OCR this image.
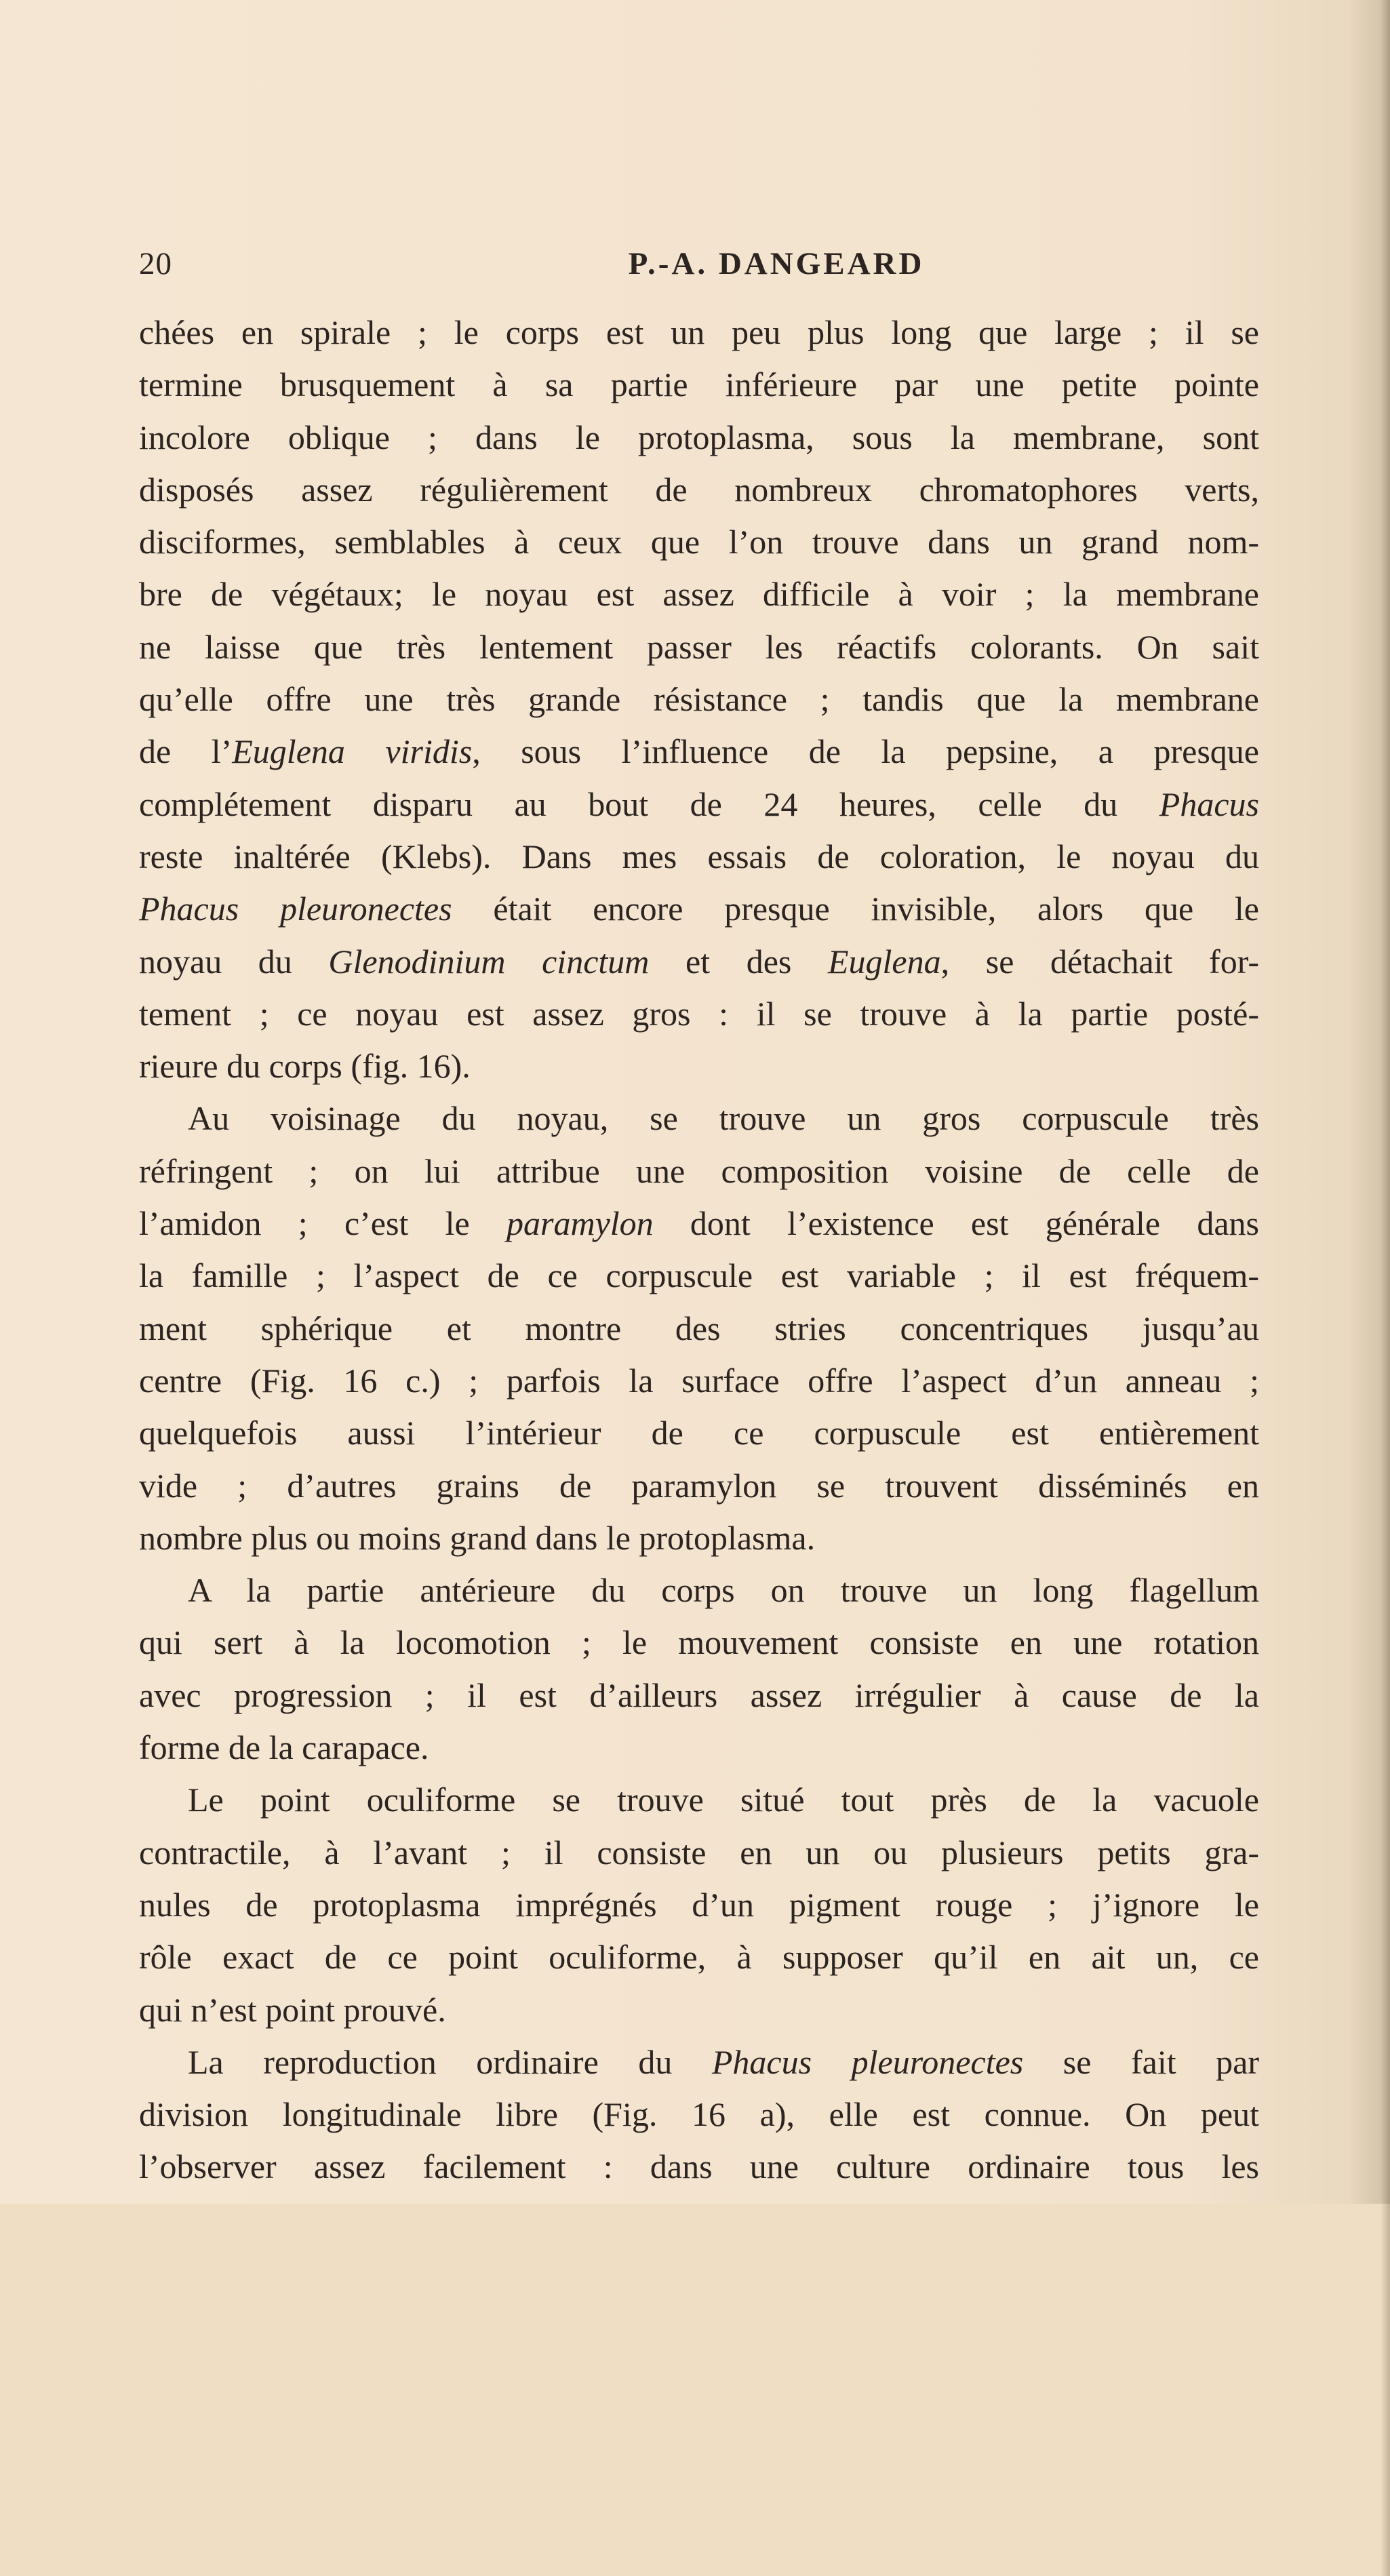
20	P.-A. DANGEARD
chées en spirale ; le corps est un peu plus long que large ; il se
termine brusquement à sa partie inférieure par une petite pointe
incolore oblique ; dans le protoplasma, sous la membrane, sont
disposés assez régulièrement de nombreux chromatophores verts,
disciformes, semblables à ceux que l’on trouve dans un grand nom-
bre de végétaux; le noyau est assez difficile à voir ; la membrane
ne laisse que très lentement passer les réactifs colorants. On sait
qu’elle offre une très grande résistance ; tandis que la membrane
de l’Euglena viridis, sous l’influence de la pepsine, a presque
complétement disparu au bout de 24 heures, celle du Phacus
reste inaltérée (Klebs). Dans mes essais de coloration, le noyau du
Phacus pleuronectes était encore presque invisible, alors que le
noyau du Glenodinium cinctum et des Euglena, se détachait for-
tement ; ce noyau est assez gros : il se trouve à la partie posté-
rieure du corps (fig. 16).
Au voisinage du noyau, se trouve un gros corpuscule très
réfringent ; on lui attribue une composition voisine de celle de
l’amidon ; c’est le paramylon dont l’existence est générale dans
la famille ; l’aspect de ce corpuscule est variable ; il est fréquem-
ment sphérique et montre des stries concentriques jusqu’au
centre (Fig. 16 c.) ; parfois la surface offre l’aspect d’un anneau ;
quelquefois aussi l’intérieur de ce corpuscule est entièrement
vide ; d’autres grains de paramylon se trouvent disséminés en
nombre plus ou moins grand dans le protoplasma.
A la partie antérieure du corps on trouve un long flagellum
qui sert à la locomotion ; le mouvement consiste en une rotation
avec progression ; il est d’ailleurs assez irrégulier à cause de la
forme de la carapace.
Le point oculiforme se trouve situé tout près de la vacuole
contractile, à l’avant ; il consiste en un ou plusieurs petits gra-
nules de protoplasma imprégnés d’un pigment rouge ; j’ignore le
rôle exact de ce point oculiforme, à supposer qu’il en ait un, ce
qui n’est point prouvé.
La reproduction ordinaire du Phacus pleuronectes se fait par
division longitudinale libre (Fig. 16 a), elle est connue. On peut
l’observer assez facilement : dans une culture ordinaire tous les
